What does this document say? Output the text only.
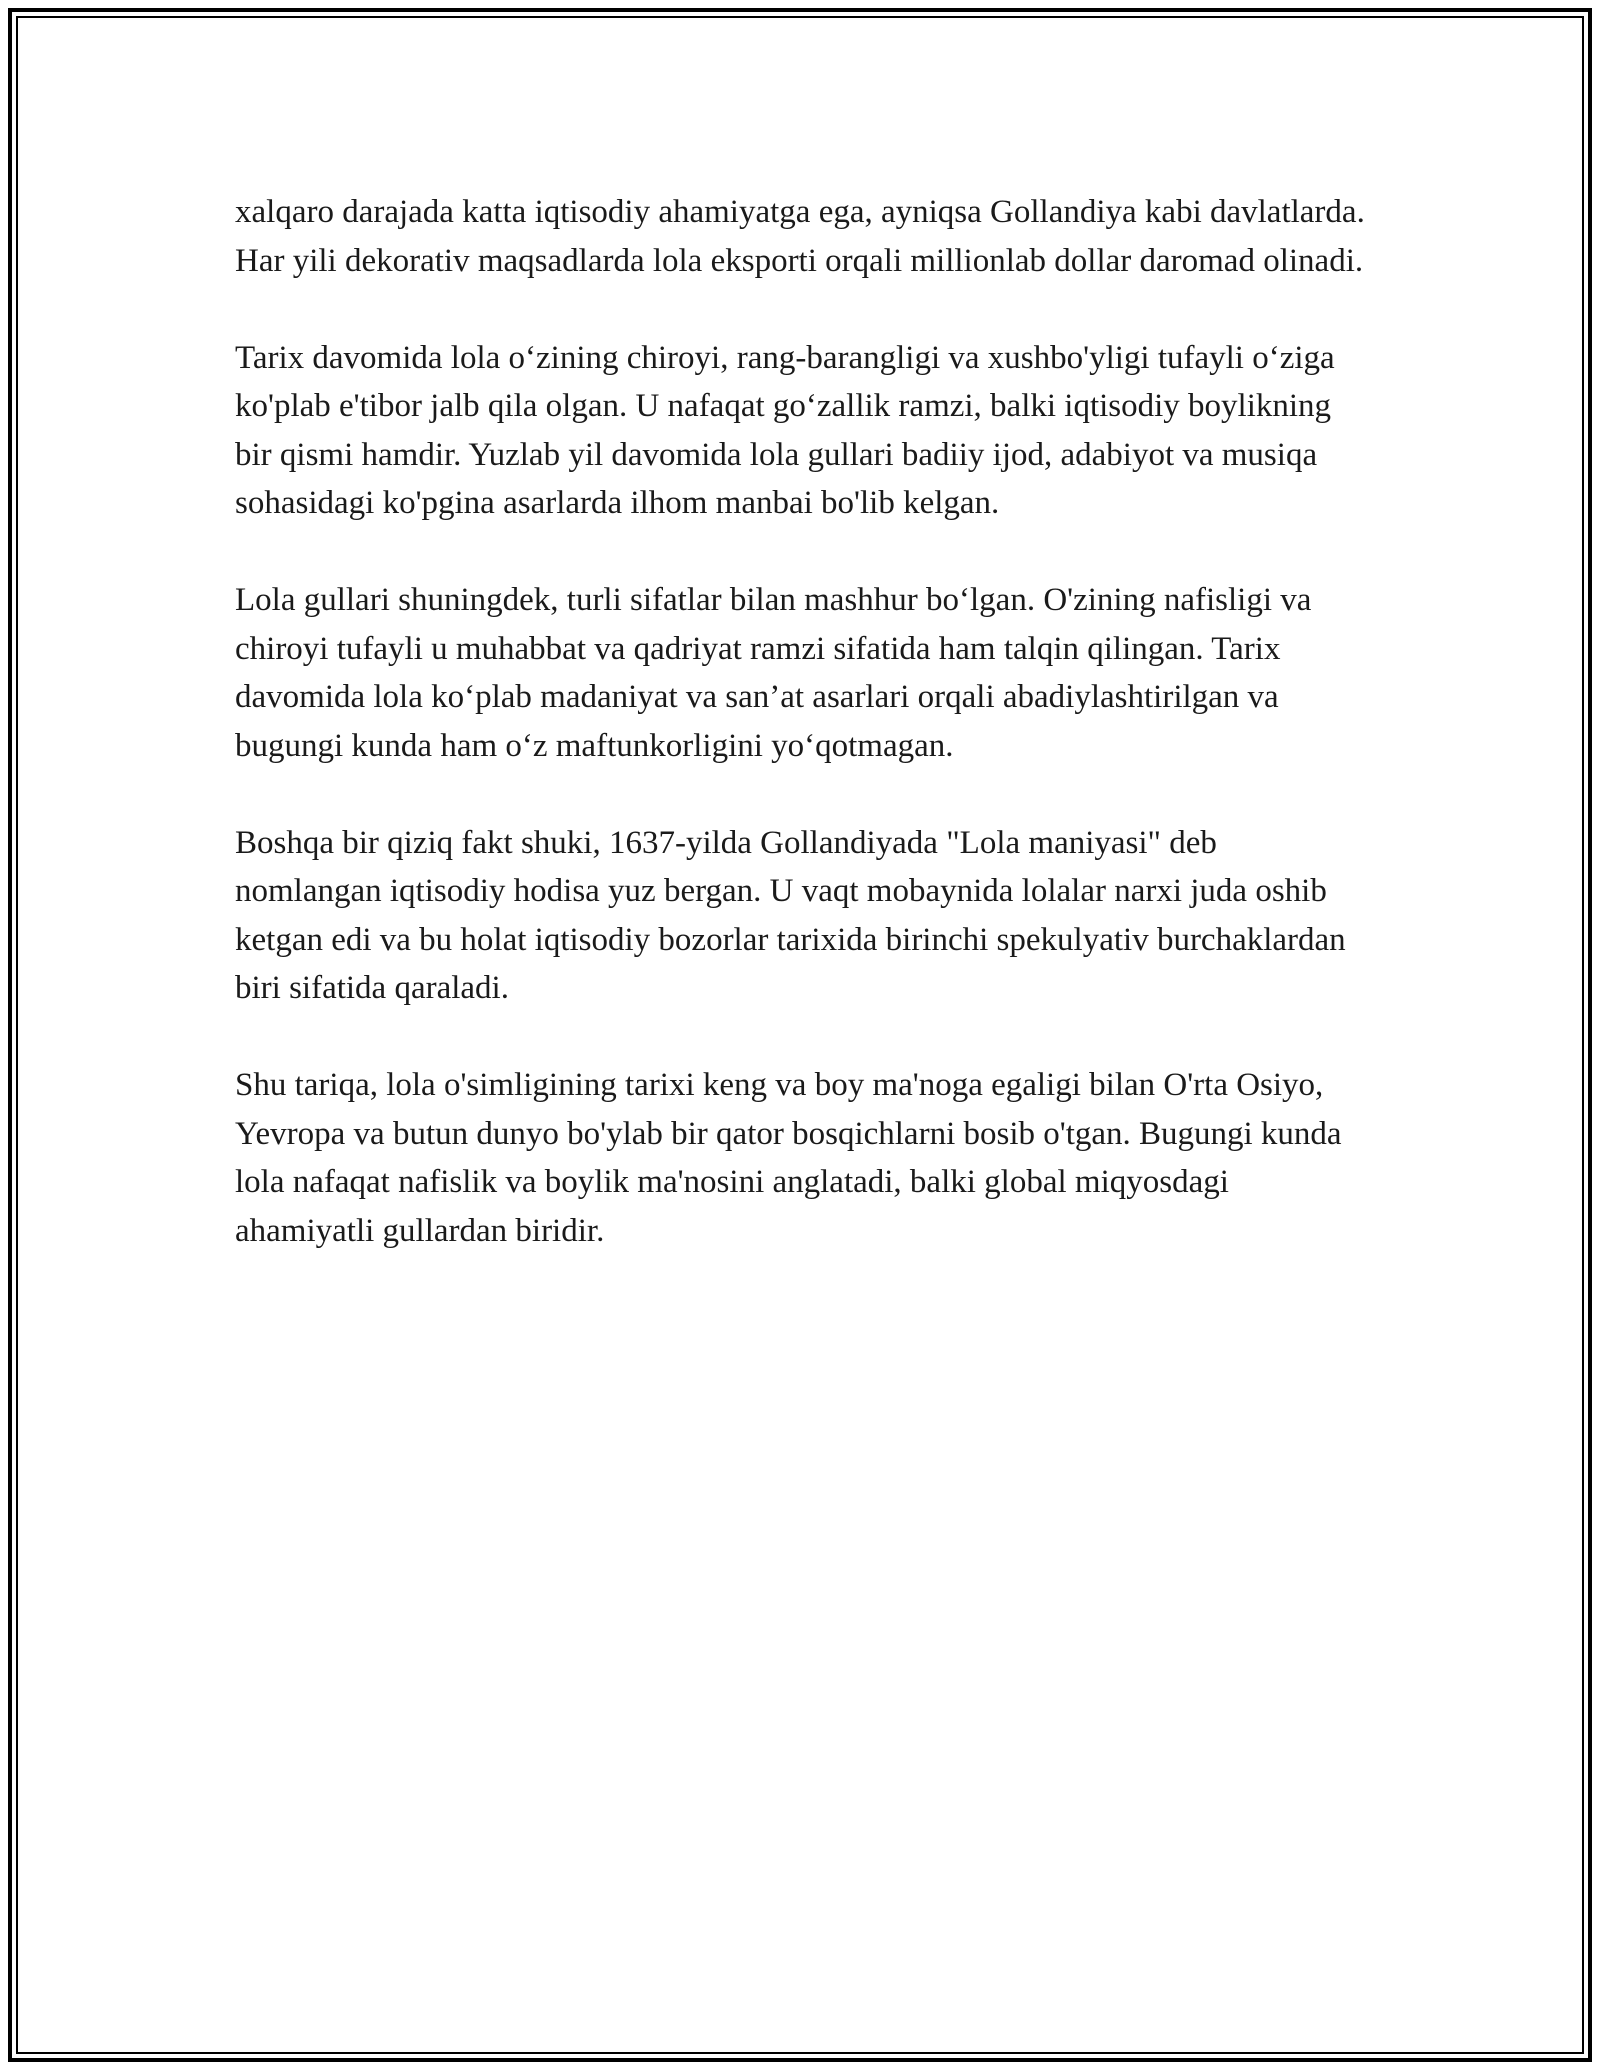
xalqaro darajada katta iqtisodiy ahamiyatga ega, ayniqsa Gollandiya kabi davlatlarda. Har yili dekorativ maqsadlarda lola eksporti orqali millionlab dollar daromad olinadi.

Tarix davomida lola o‘zining chiroyi, rang-barangligi va xushbo'yligi tufayli o‘ziga ko'plab e'tibor jalb qila olgan. U nafaqat go‘zallik ramzi, balki iqtisodiy boylikning bir qismi hamdir. Yuzlab yil davomida lola gullari badiiy ijod, adabiyot va musiqa sohasidagi ko'pgina asarlarda ilhom manbai bo'lib kelgan.

Lola gullari shuningdek, turli sifatlar bilan mashhur bo‘lgan. O'zining nafisligi va chiroyi tufayli u muhabbat va qadriyat ramzi sifatida ham talqin qilingan. Tarix davomida lola ko‘plab madaniyat va san’at asarlari orqali abadiylashtirilgan va bugungi kunda ham o‘z maftunkorligini yo‘qotmagan.

Boshqa bir qiziq fakt shuki, 1637-yilda Gollandiyada "Lola maniyasi" deb nomlangan iqtisodiy hodisa yuz bergan. U vaqt mobaynida lolalar narxi juda oshib ketgan edi va bu holat iqtisodiy bozorlar tarixida birinchi spekulyativ burchaklardan biri sifatida qaraladi.

Shu tariqa, lola o'simligining tarixi keng va boy ma'noga egaligi bilan O'rta Osiyo, Yevropa va butun dunyo bo'ylab bir qator bosqichlarni bosib o'tgan. Bugungi kunda lola nafaqat nafislik va boylik ma'nosini anglatadi, balki global miqyosdagi ahamiyatli gullardan biridir.
